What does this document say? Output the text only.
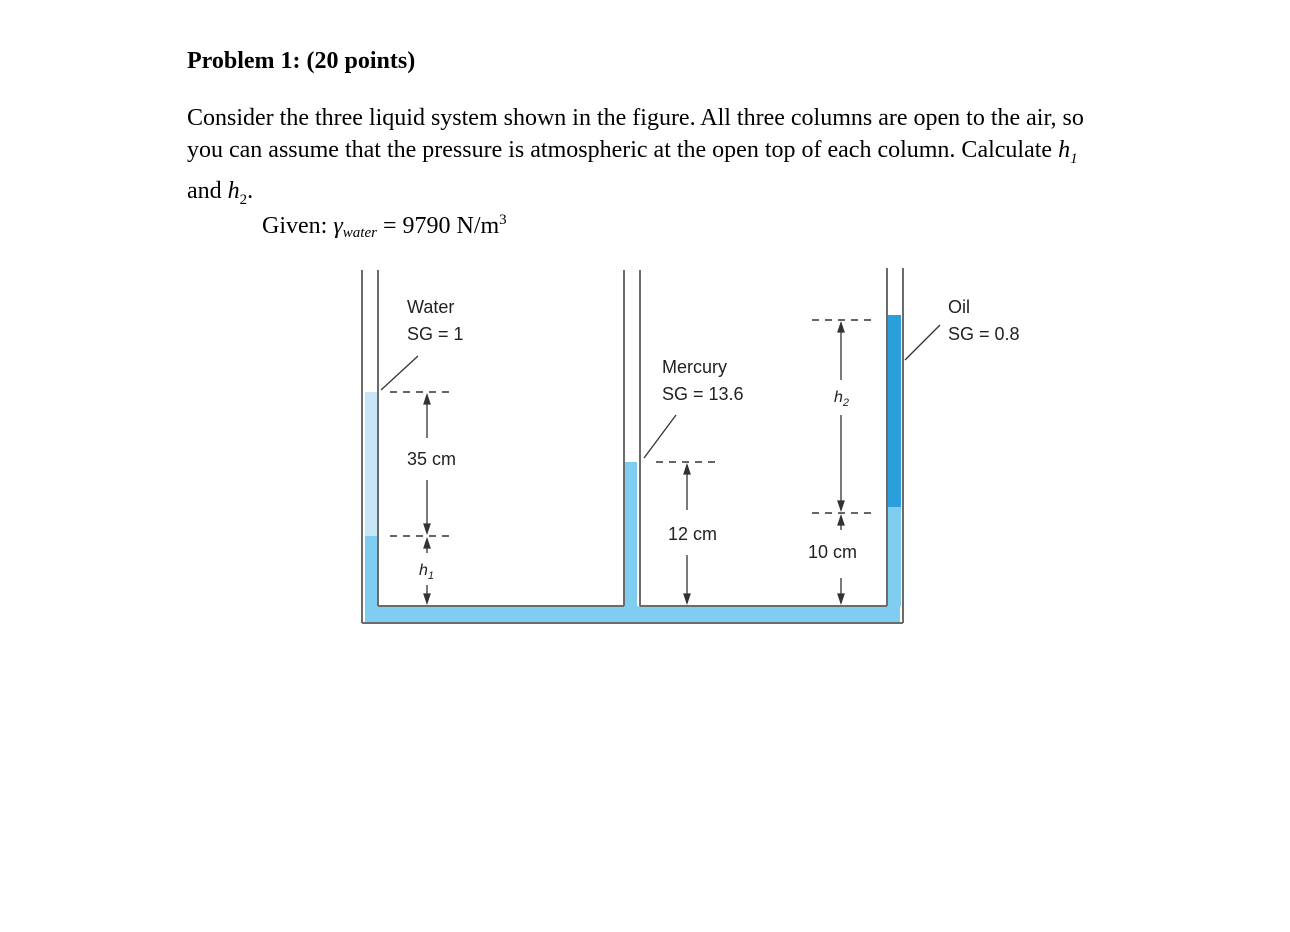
Problem 1: (20 points)
Consider the three liquid system shown in the figure. All three columns are open to the air, so you can assume that the pressure is atmospheric at the open top of each column. Calculate $h_1$ and $h_2$.
Given: $\gamma_{water} = 9790$ $N/m^3$
Water
SG = 1
35 cm
$h_1$
Mercury
SG = 13.6
12 cm
$h_2$
10 cm
Oil
SG = 0.8
